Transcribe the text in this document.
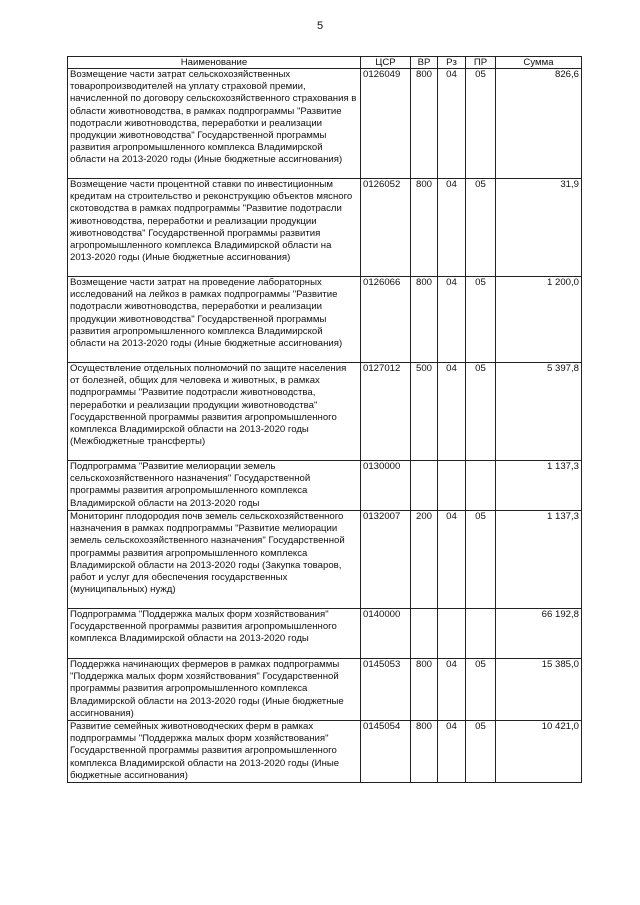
5
Наименование	ЦСР	ВР	Рз	ПР	Сумма
Возмещение части затрат сельскохозяйственных товаропроизводителей на уплату страховой премии, начисленной по договору сельскохозяйственного страхования в области животноводства, в рамках подпрограммы "Развитие подотрасли животноводства, переработки и реализации продукции животноводства" Государственной программы развития агропромышленного комплекса Владимирской области на 2013-2020 годы (Иные бюджетные ассигнования)	0126049	800	04	05	826,6
Возмещение части процентной ставки по инвестиционным кредитам на строительство и реконструкцию объектов мясного скотоводства в рамках подпрограммы "Развитие подотрасли животноводства, переработки и реализации продукции животноводства" Государственной программы развития агропромышленного комплекса Владимирской области на 2013-2020 годы (Иные бюджетные ассигнования)	0126052	800	04	05	31,9
Возмещение части затрат на проведение лабораторных исследований на лейкоз в рамках подпрограммы "Развитие подотрасли животноводства, переработки и реализации продукции животноводства" Государственной программы развития агропромышленного комплекса Владимирской области на 2013-2020 годы (Иные бюджетные ассигнования)	0126066	800	04	05	1 200,0
Осуществление отдельных полномочий по защите населения от болезней, общих для человека и животных, в рамках подпрограммы "Развитие подотрасли животноводства, переработки и реализации продукции животноводства" Государственной программы развития агропромышленного комплекса Владимирской области на 2013-2020 годы (Межбюджетные трансферты)	0127012	500	04	05	5 397,8
Подпрограмма "Развитие мелиорации земель сельскохозяйственного назначения" Государственной программы развития агропромышленного комплекса Владимирской области на 2013-2020 годы	0130000				1 137,3
Мониторинг плодородия почв земель сельскохозяйственного назначения в рамках подпрограммы "Развитие мелиорации земель сельскохозяйственного назначения" Государственной программы развития агропромышленного комплекса Владимирской области на 2013-2020 годы (Закупка товаров, работ и услуг для обеспечения государственных (муниципальных) нужд)	0132007	200	04	05	1 137,3
Подпрограмма "Поддержка малых форм хозяйствования" Государственной программы развития агропромышленного комплекса Владимирской области на 2013-2020 годы	0140000				66 192,8
Поддержка начинающих фермеров в рамках подпрограммы "Поддержка малых форм хозяйствования" Государственной программы развития агропромышленного комплекса Владимирской области на 2013-2020 годы (Иные бюджетные ассигнования)	0145053	800	04	05	15 385,0
Развитие семейных животноводческих ферм в рамках подпрограммы "Поддержка малых форм хозяйствования" Государственной программы развития агропромышленного комплекса Владимирской области на 2013-2020 годы (Иные бюджетные ассигнования)	0145054	800	04	05	10 421,0
